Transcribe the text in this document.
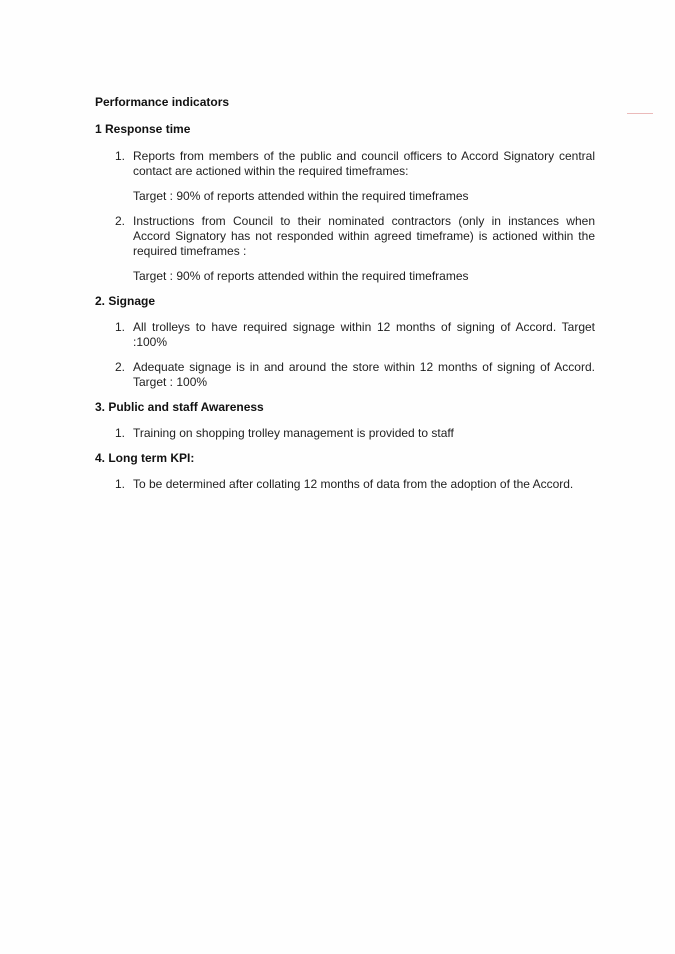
Performance indicators
1 Response time
1. Reports from members of the public and council officers to Accord Signatory central contact are actioned within the required timeframes:
Target : 90% of reports attended within the required timeframes
2. Instructions from Council to their nominated contractors (only in instances when Accord Signatory has not responded within agreed timeframe) is actioned within the required timeframes :
Target : 90% of reports attended within the required timeframes
2. Signage
1. All trolleys to have required signage within 12 months of signing of Accord. Target :100%
2. Adequate signage is in and around the store within 12 months of signing of Accord. Target : 100%
3. Public and staff Awareness
1. Training on shopping trolley management is provided to staff
4. Long term KPI:
1. To be determined after collating 12 months of data from the adoption of the Accord.
